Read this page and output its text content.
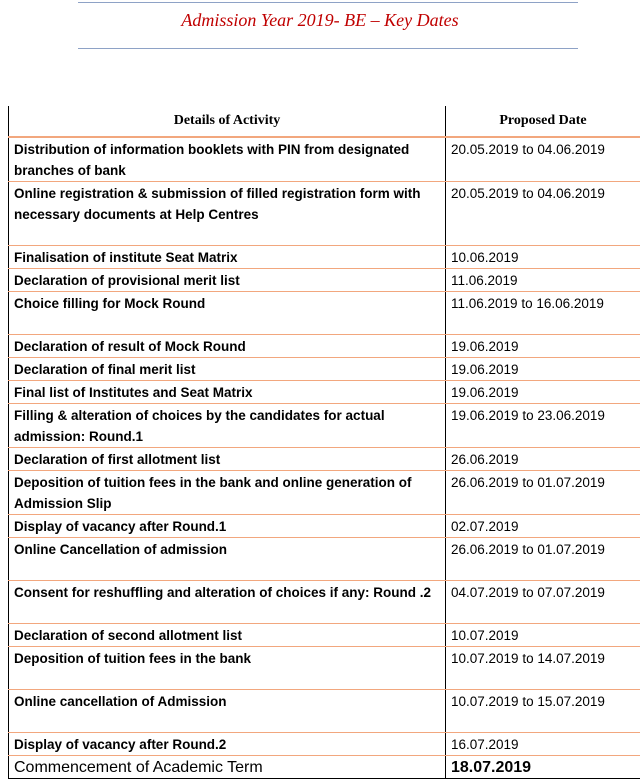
Admission Year 2019- BE – Key Dates
Details of Activity	Proposed Date
Distribution of information booklets with PIN from designated branches of bank	20.05.2019 to 04.06.2019
Online registration & submission of filled registration form with necessary documents at Help Centres	20.05.2019 to 04.06.2019
Finalisation of institute Seat Matrix	10.06.2019
Declaration of provisional merit list	11.06.2019
Choice filling for Mock Round	11.06.2019 to 16.06.2019
Declaration of result of Mock Round	19.06.2019
Declaration of final merit list	19.06.2019
Final list of Institutes and Seat Matrix	19.06.2019
Filling & alteration of choices by the candidates for actual admission: Round.1	19.06.2019 to 23.06.2019
Declaration of first allotment list	26.06.2019
Deposition of tuition fees in the bank and online generation of Admission Slip	26.06.2019 to 01.07.2019
Display of vacancy after Round.1	02.07.2019
Online Cancellation of admission	26.06.2019 to 01.07.2019
Consent for reshuffling and alteration of choices if any: Round .2	04.07.2019 to 07.07.2019
Declaration of second allotment list	10.07.2019
Deposition of tuition fees in the bank	10.07.2019 to 14.07.2019
Online cancellation of Admission	10.07.2019 to 15.07.2019
Display of vacancy after Round.2	16.07.2019
Commencement of Academic Term	18.07.2019
